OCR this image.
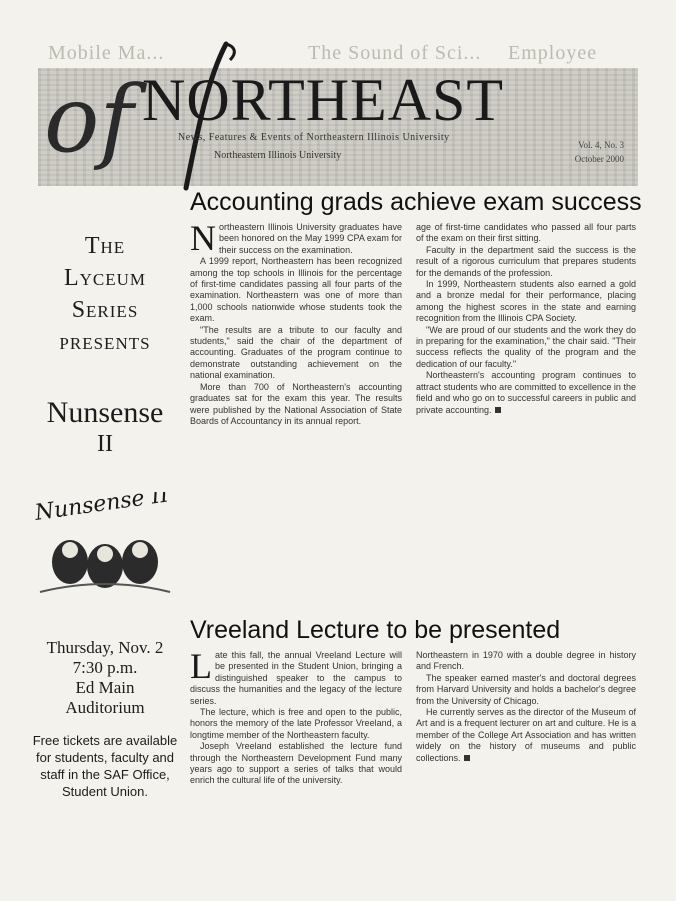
Mobile Ma...	The Sound of Sci... Employee
of NORTHEAST
News, Features & Events of Northeastern Illinois University
Northeastern Illinois University
Vol. 4, No. 3
October 2000
The
Lyceum
Series
presents
Nunsense
II
Nunsense II
Thursday, Nov. 2
7:30 p.m.
Ed Main
Auditorium
Free tickets are available for students, faculty and staff in the SAF Office, Student Union.
Accounting grads achieve exam success

Northeastern Illinois University graduates have been honored on the May 1999 CPA exam for their success on the examination.

A 1999 report, Northeastern has been recognized among the top schools in Illinois for the percentage of first-time candidates passing all four parts of the examination. Northeastern was one of more than 1,000 schools nationwide whose students took the exam.

"The results are a tribute to our faculty and students," said the chair of the department of accounting. Graduates of the program continue to demonstrate outstanding achievement on the national examination.

More than 700 of Northeastern's accounting graduates sat for the exam this year. The results were published by the National Association of State Boards of Accountancy in its annual report.

age of first-time candidates who passed all four parts of the exam on their first sitting.

Faculty in the department said the success is the result of a rigorous curriculum that prepares students for the demands of the profession.

In 1999, Northeastern students also earned a gold and a bronze medal for their performance, placing among the highest scores in the state and earning recognition from the Illinois CPA Society.

"We are proud of our students and the work they do in preparing for the examination," the chair said. "Their success reflects the quality of the program and the dedication of our faculty."

Northeastern's accounting program continues to attract students who are committed to excellence in the field and who go on to successful careers in public and private accounting.

Vreeland Lecture to be presented

Late this fall, the annual Vreeland Lecture will be presented in the Student Union, bringing a distinguished speaker to the campus to discuss the humanities and the legacy of the lecture series.

The lecture, which is free and open to the public, honors the memory of the late Professor Vreeland, a longtime member of the Northeastern faculty.

Joseph Vreeland established the lecture fund through the Northeastern Development Fund many years ago to support a series of talks that would enrich the cultural life of the university.

Northeastern in 1970 with a double degree in history and French.

The speaker earned master's and doctoral degrees from Harvard University and holds a bachelor's degree from the University of Chicago.

He currently serves as the director of the Museum of Art and is a frequent lecturer on art and culture. He is a member of the College Art Association and has written widely on the history of museums and public collections.
